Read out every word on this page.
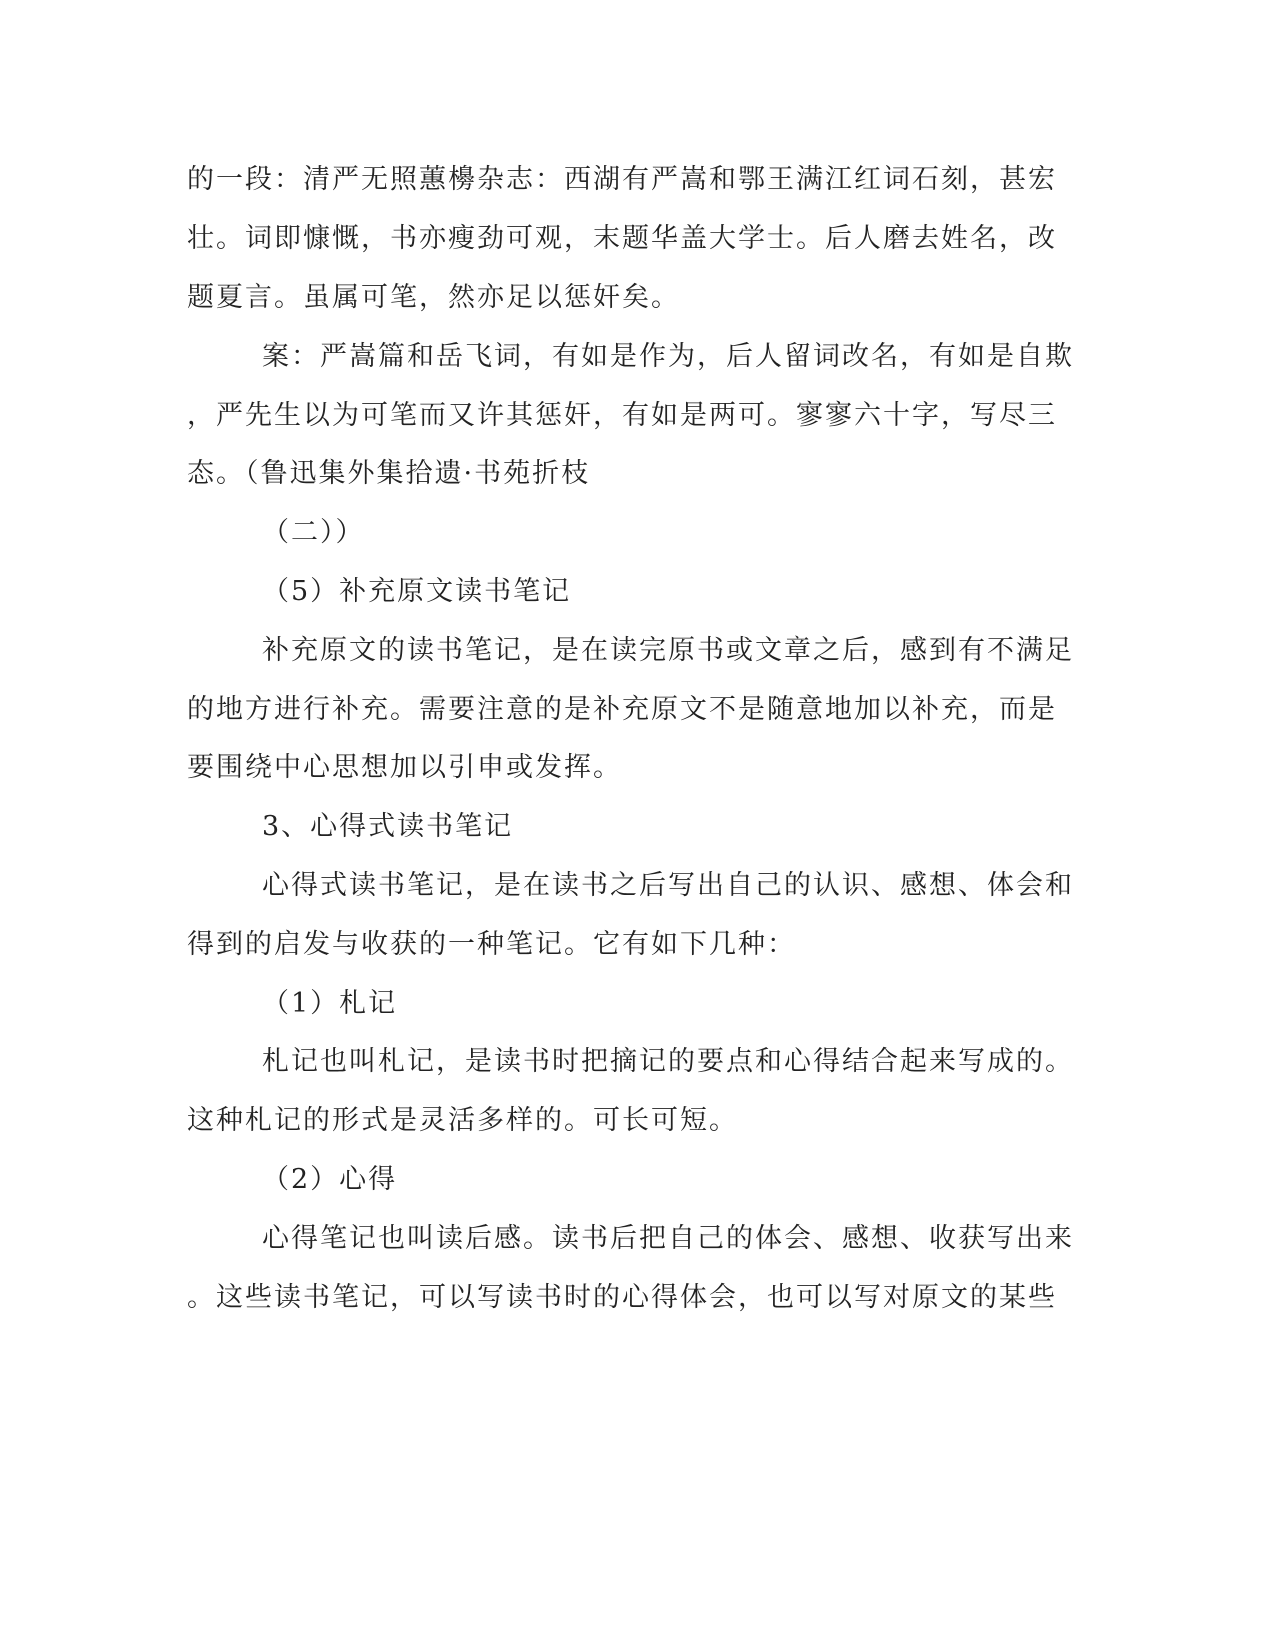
的一段：清严无照蕙櫋杂志：西湖有严嵩和鄂王满江红词石刻，甚宏
壮。词即慷慨，书亦瘦劲可观，末题华盖大学士。后人磨去姓名，改
题夏言。虽属可笔，然亦足以惩奸矣。
案：严嵩篇和岳飞词，有如是作为，后人留词改名，有如是自欺
，严先生以为可笔而又许其惩奸，有如是两可。寥寥六十字，写尽三
态。（鲁迅集外集拾遗·书苑折枝
（二））
（5）补充原文读书笔记
补充原文的读书笔记，是在读完原书或文章之后，感到有不满足
的地方进行补充。需要注意的是补充原文不是随意地加以补充，而是
要围绕中心思想加以引申或发挥。
3、心得式读书笔记
心得式读书笔记，是在读书之后写出自己的认识、感想、体会和
得到的启发与收获的一种笔记。它有如下几种：
（1）札记
札记也叫札记，是读书时把摘记的要点和心得结合起来写成的。
这种札记的形式是灵活多样的。可长可短。
（2）心得
心得笔记也叫读后感。读书后把自己的体会、感想、收获写出来
。这些读书笔记，可以写读书时的心得体会，也可以写对原文的某些
